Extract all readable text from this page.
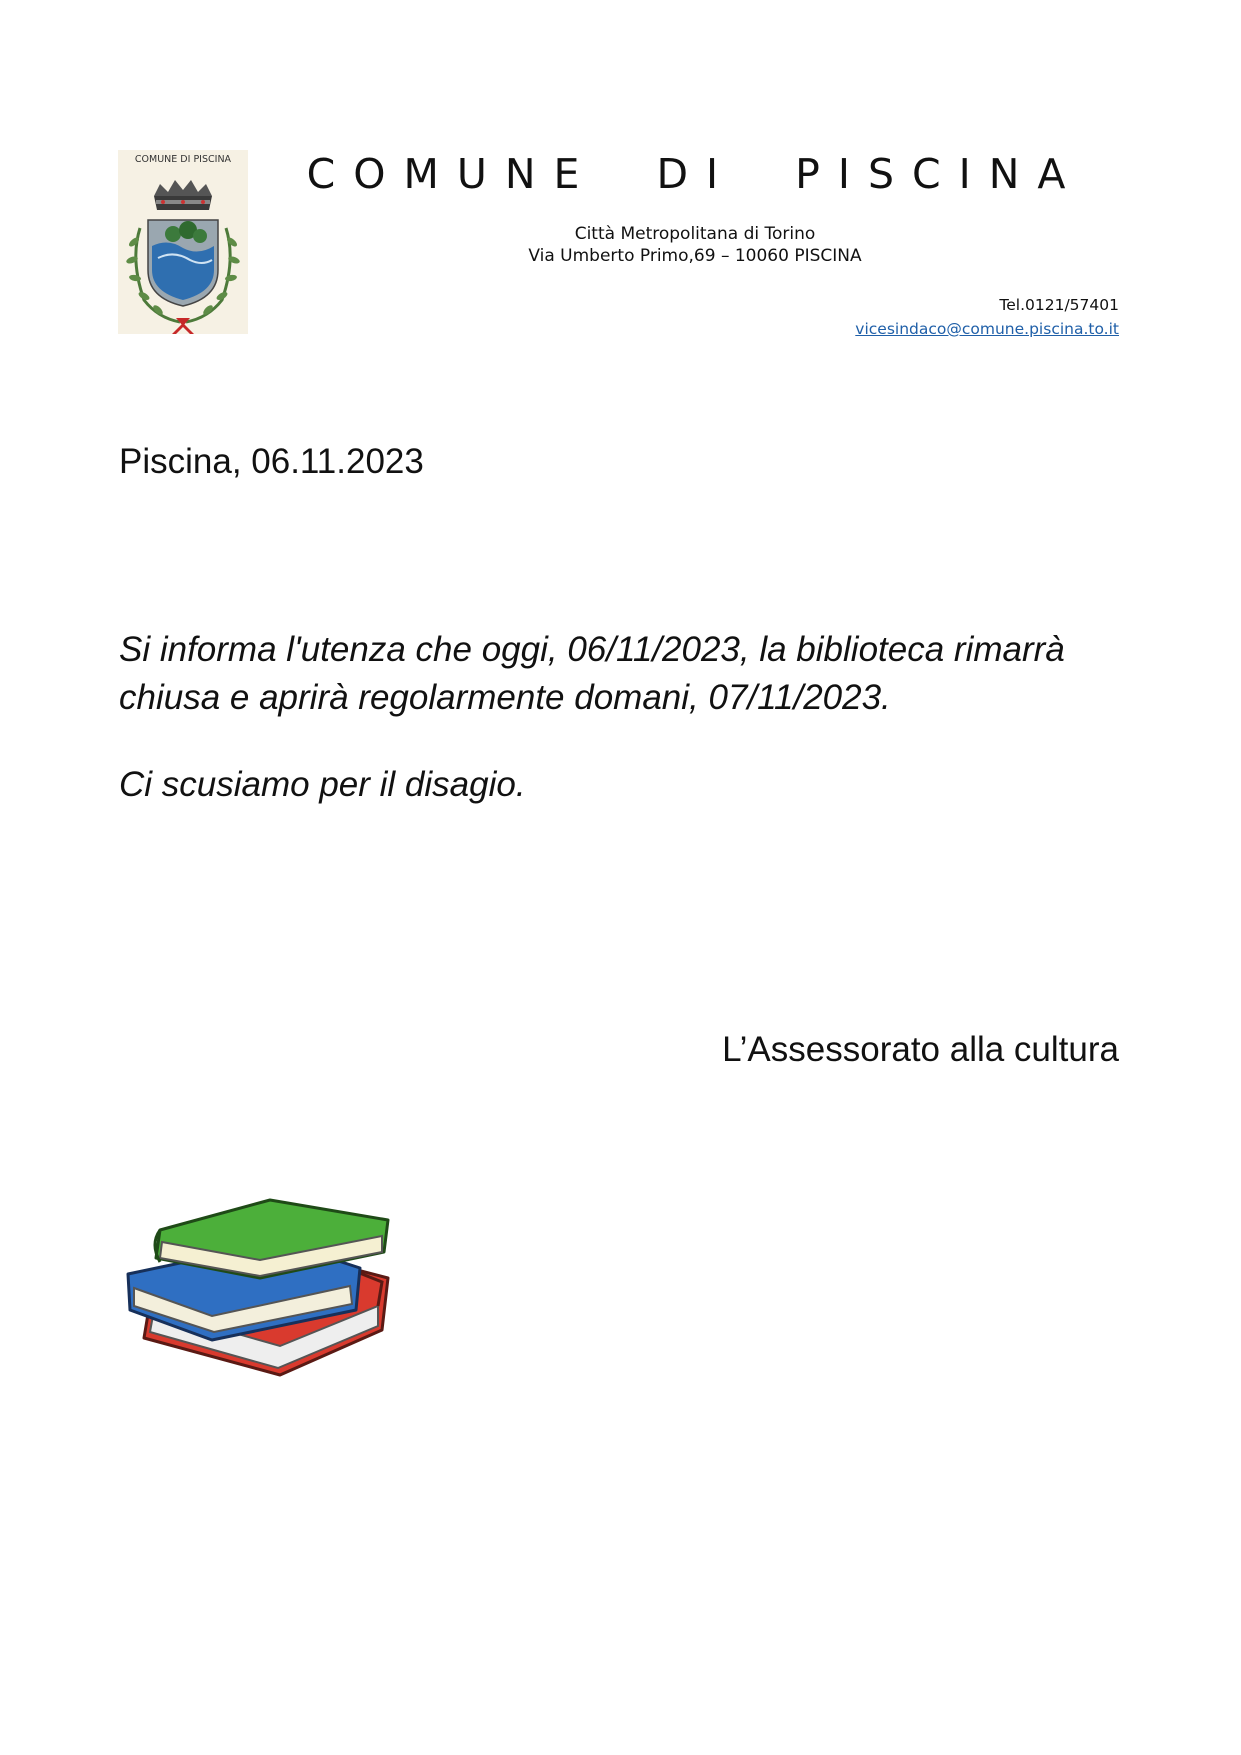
COMUNE DI PISCINA	COMUNE DI PISCINA
Città Metropolitana di Torino
Via Umberto Primo,69 – 10060 PISCINA
Tel.0121/57401
vicesindaco@comune.piscina.to.it
Piscina, 06.11.2023

Si informa l'utenza che oggi, 06/11/2023, la biblioteca rimarrà chiusa e aprirà regolarmente domani, 07/11/2023.

Ci scusiamo per il disagio.
L’Assessorato alla cultura
